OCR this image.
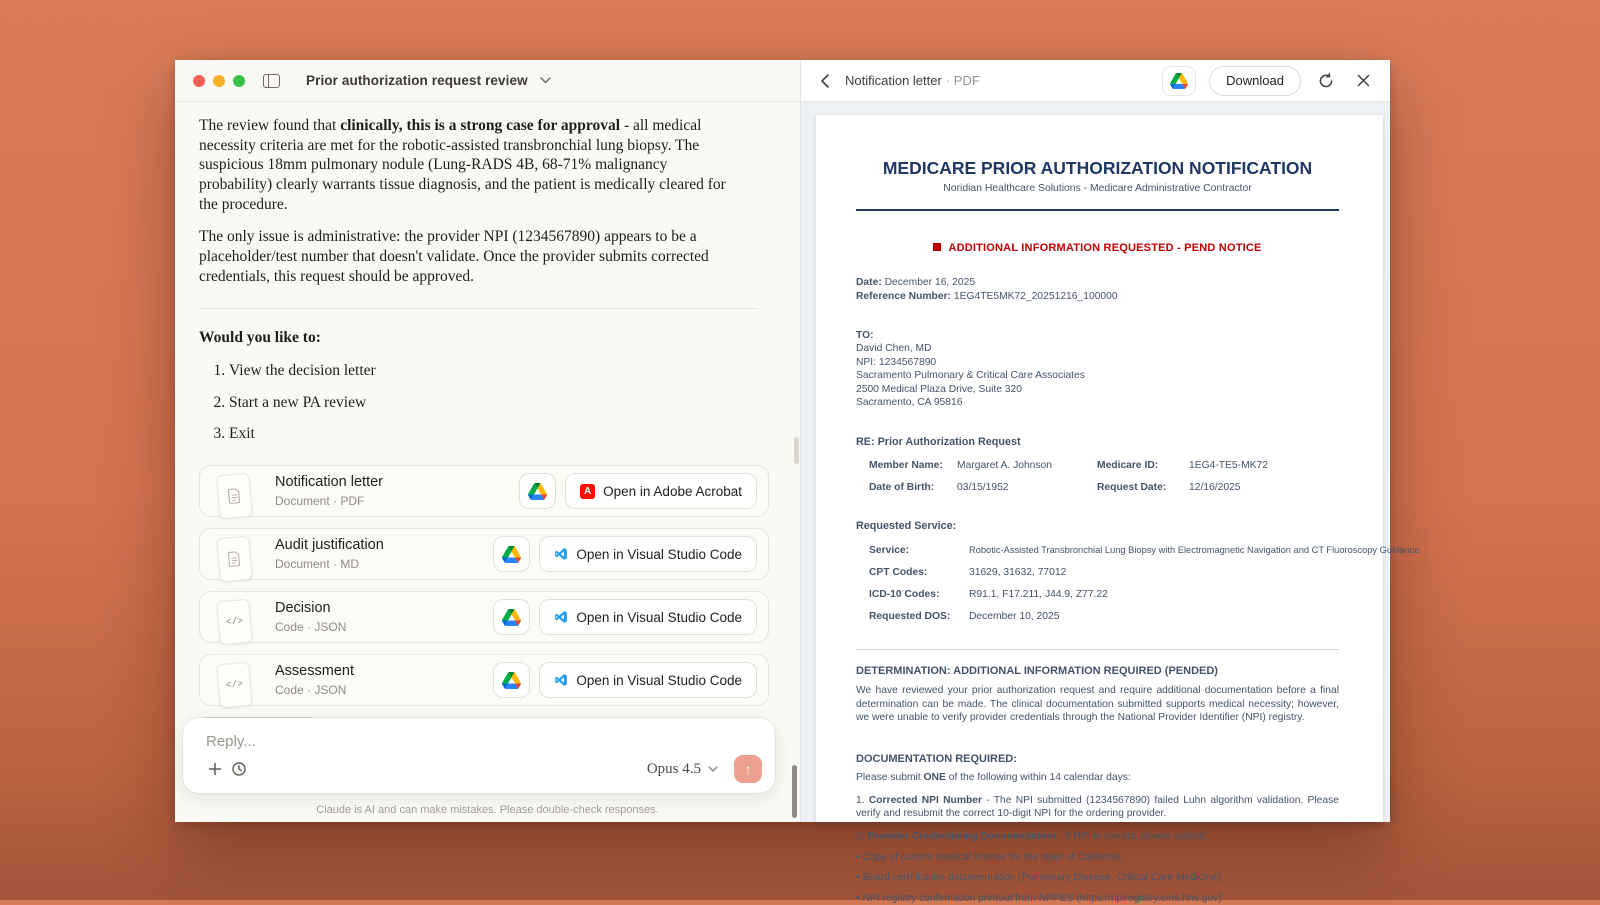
Prior authorization request review

The review found that clinically, this is a strong case for approval - all medical necessity criteria are met for the robotic-assisted transbronchial lung biopsy. The suspicious 18mm pulmonary nodule (Lung-RADS 4B, 68-71% malignancy probability) clearly warrants tissue diagnosis, and the patient is medically cleared for the procedure.

The only issue is administrative: the provider NPI (1234567890) appears to be a placeholder/test number that doesn't validate. Once the provider submits corrected credentials, this request should be approved.

Would you like to:

1. View the decision letter
2. Start a new PA review
3. Exit
Notification letter
Document · PDF
A Open in Adobe Acrobat
Audit justification
Document · MD
Open in Visual Studio Code
</>
Decision
Code · JSON
Open in Visual Studio Code
</>
Assessment
Code · JSON
Open in Visual Studio Code
Reply...
Opus 4.5	↑
Claude is AI and can make mistakes. Please double-check responses.
Notification letter · PDF	Download
MEDICARE PRIOR AUTHORIZATION NOTIFICATION
Noridian Healthcare Solutions - Medicare Administrative Contractor
ADDITIONAL INFORMATION REQUESTED - PEND NOTICE
Date: December 16, 2025
Reference Number: 1EG4TE5MK72_20251216_100000
TO:
David Chen, MD
NPI: 1234567890
Sacramento Pulmonary & Critical Care Associates
2500 Medical Plaza Drive, Suite 320
Sacramento, CA 95816
RE: Prior Authorization Request
Member Name:	Margaret A. Johnson	Medicare ID:	1EG4-TE5-MK72
Date of Birth:	03/15/1952	Request Date:	12/16/2025
Requested Service:
Service:	Robotic-Assisted Transbronchial Lung Biopsy with Electromagnetic Navigation and CT Fluoroscopy Guidance
CPT Codes:	31629, 31632, 77012
ICD-10 Codes:	R91.1, F17.211, J44.9, Z77.22
Requested DOS:	December 10, 2025
DETERMINATION: ADDITIONAL INFORMATION REQUIRED (PENDED)
We have reviewed your prior authorization request and require additional documentation before a final determination can be made. The clinical documentation submitted supports medical necessity; however, we were unable to verify provider credentials through the National Provider Identifier (NPI) registry.
DOCUMENTATION REQUIRED:
Please submit ONE of the following within 14 calendar days:
1. Corrected NPI Number - The NPI submitted (1234567890) failed Luhn algorithm validation. Please verify and resubmit the correct 10-digit NPI for the ordering provider.
2. Provider Credentialing Documentation - If NPI is correct, please submit:
• Copy of current medical license for the state of California
• Board certification documentation (Pulmonary Disease, Critical Care Medicine)
• NPI registry confirmation printout from NPPES (https://npiregistry.cms.hhs.gov)
